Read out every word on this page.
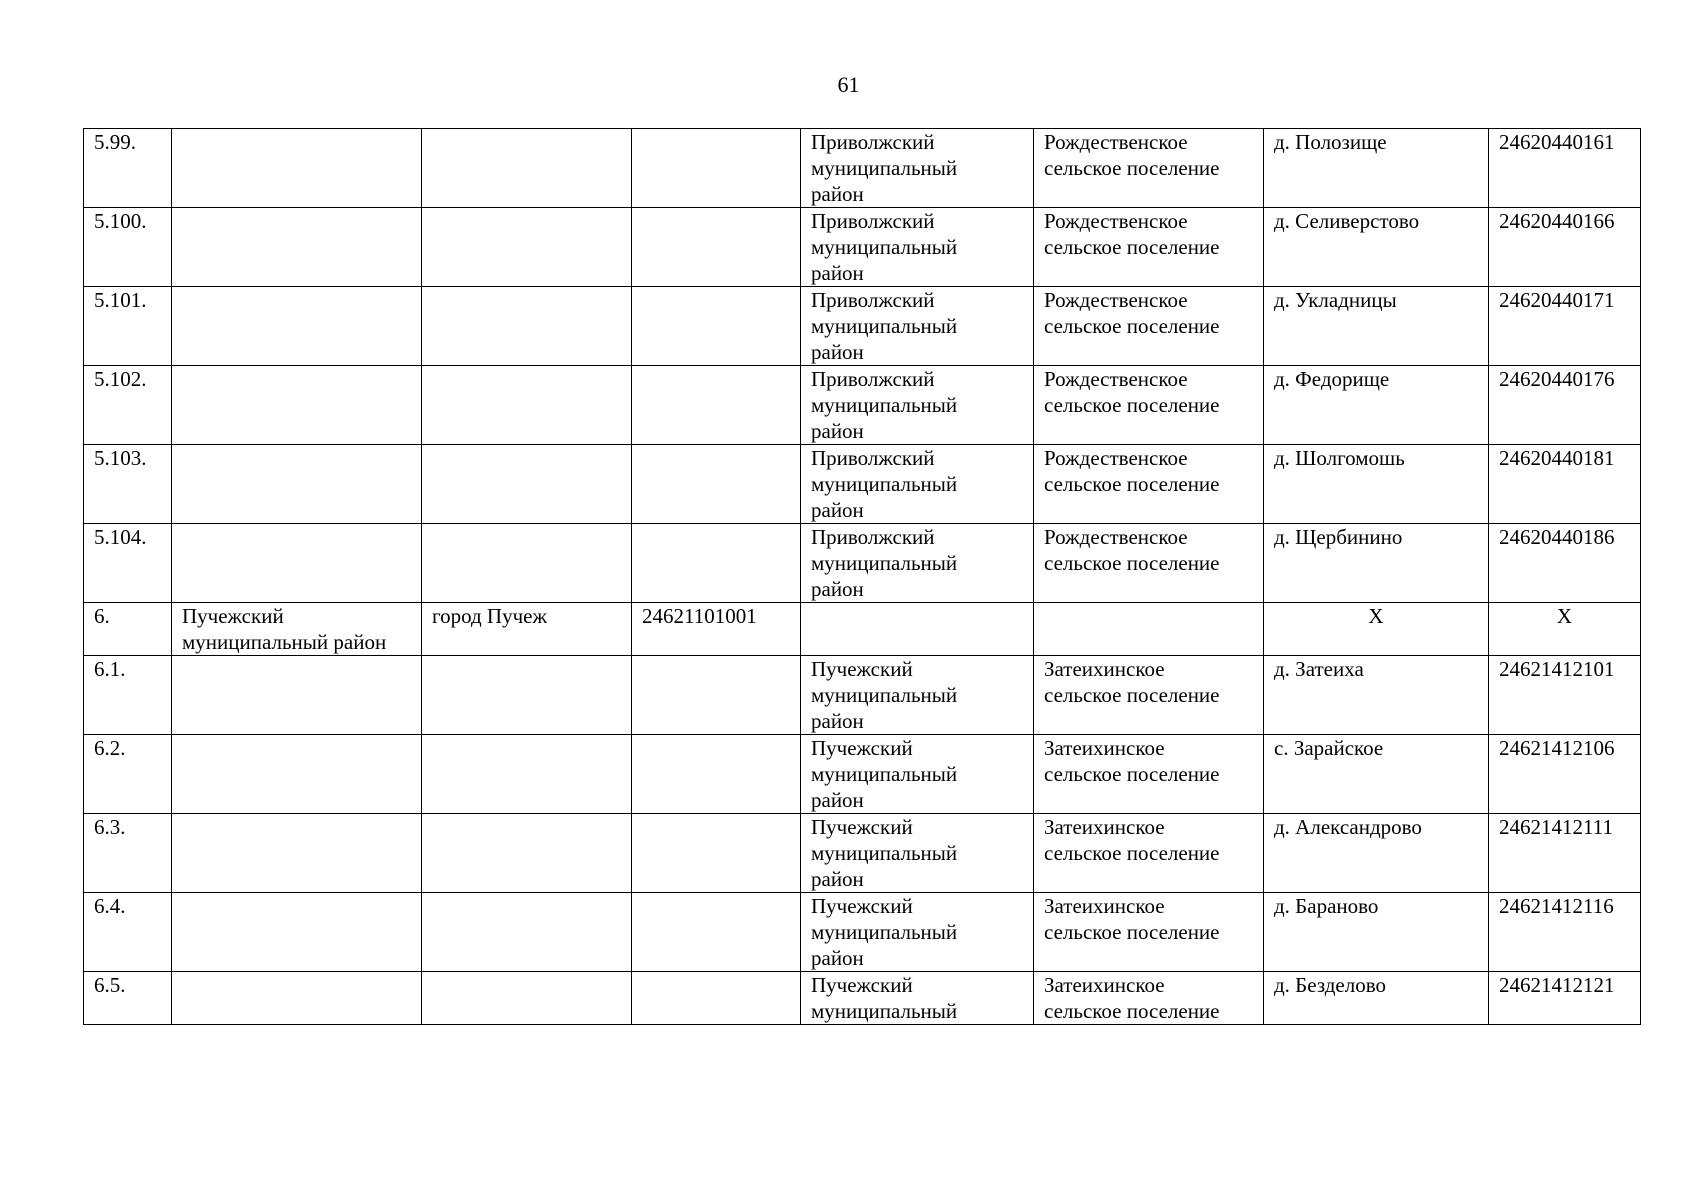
61
5.99.				Приволжский
муниципальный
район	Рождественское
сельское поселение	д. Полозище	24620440161
5.100.				Приволжский
муниципальный
район	Рождественское
сельское поселение	д. Селиверстово	24620440166
5.101.				Приволжский
муниципальный
район	Рождественское
сельское поселение	д. Укладницы	24620440171
5.102.				Приволжский
муниципальный
район	Рождественское
сельское поселение	д. Федорище	24620440176
5.103.				Приволжский
муниципальный
район	Рождественское
сельское поселение	д. Шолгомошь	24620440181
5.104.				Приволжский
муниципальный
район	Рождественское
сельское поселение	д. Щербинино	24620440186
6.	Пучежский
муниципальный район	город Пучеж	24621101001			Х	Х
6.1.				Пучежский
муниципальный
район	Затеихинское
сельское поселение	д. Затеиха	24621412101
6.2.				Пучежский
муниципальный
район	Затеихинское
сельское поселение	с. Зарайское	24621412106
6.3.				Пучежский
муниципальный
район	Затеихинское
сельское поселение	д. Александрово	24621412111
6.4.				Пучежский
муниципальный
район	Затеихинское
сельское поселение	д. Бараново	24621412116
6.5.				Пучежский
муниципальный	Затеихинское
сельское поселение	д. Безделово	24621412121
